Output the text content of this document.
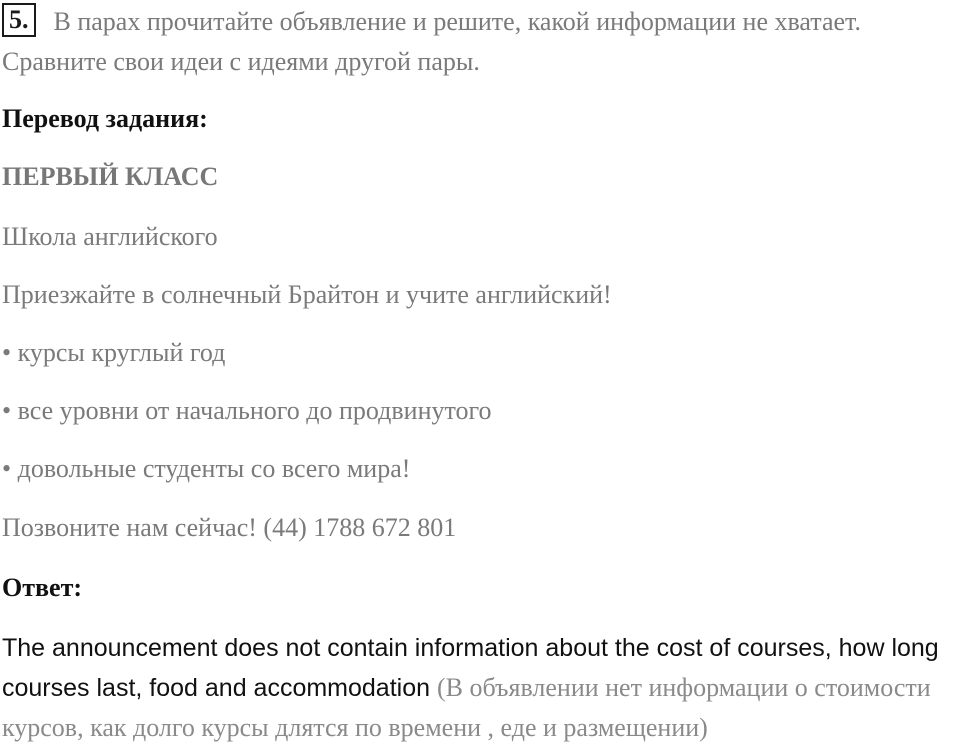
5. В парах прочитайте объявление и решите, какой информации не хватает. Сравните свои идеи с идеями другой пары.
Перевод задания:
ПЕРВЫЙ КЛАСС
Школа английского
Приезжайте в солнечный Брайтон и учите английский!
• курсы круглый год
• все уровни от начального до продвинутого
• довольные студенты со всего мира!
Позвоните нам сейчас! (44) 1788 672 801
Ответ:
The announcement does not contain information about the cost of courses, how long courses last, food and accommodation (В объявлении нет информации о стоимости курсов, как долго курсы длятся по времени , еде и размещении)
